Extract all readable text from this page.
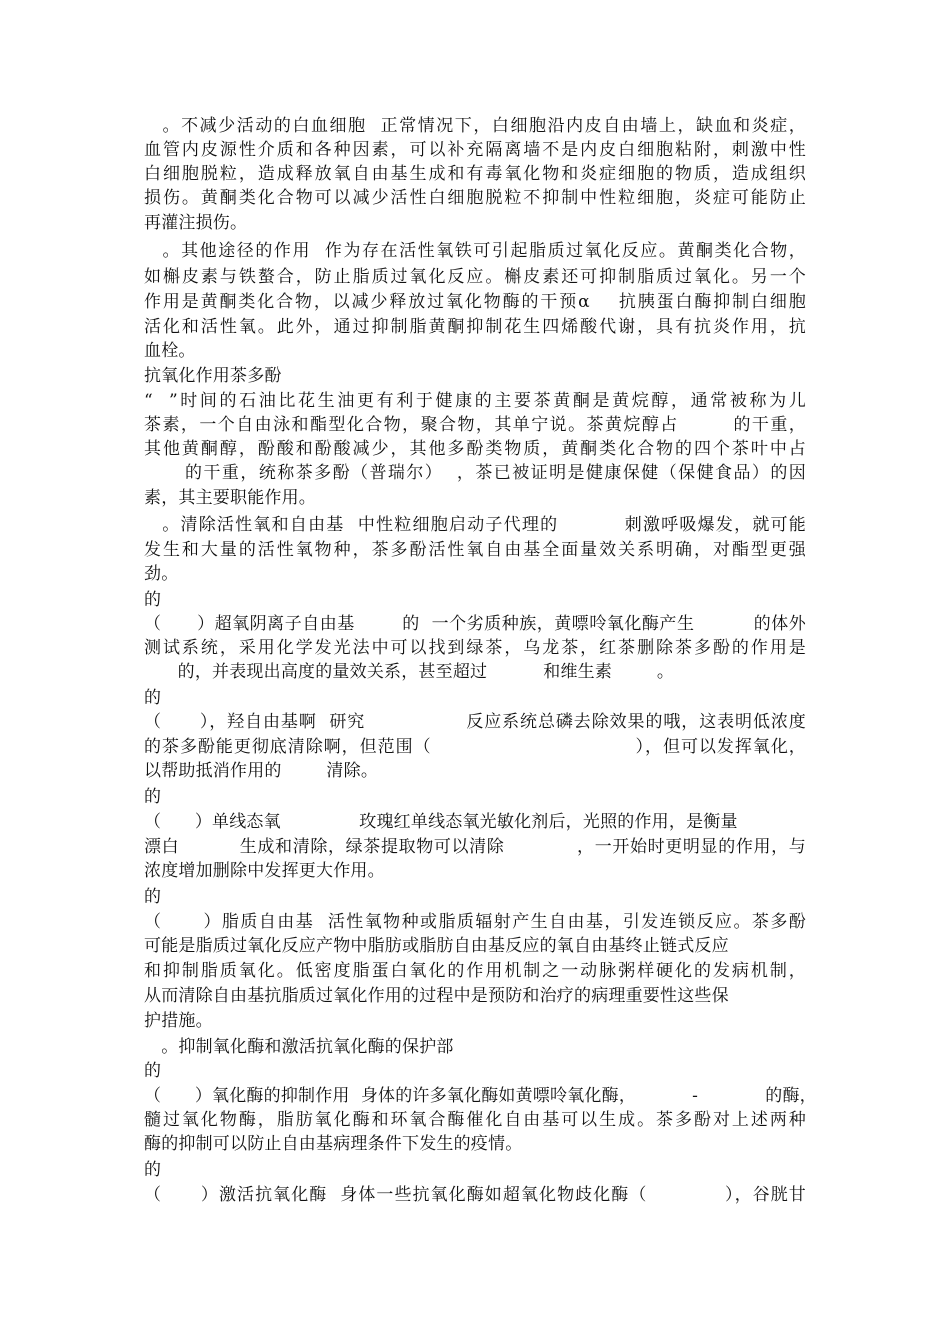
　。不减少活动的白血细胞  正常情况下，白细胞沿内皮自由墙上，缺血和炎症，
血管内皮源性介质和各种因素，可以补充隔离墙不是内皮白细胞粘附，刺激中性
白细胞脱粒，造成释放氧自由基生成和有毒氧化物和炎症细胞的物质，造成组织
损伤。黄酮类化合物可以减少活性白细胞脱粒不抑制中性粒细胞，炎症可能防止
再灌注损伤。
　。其他途径的作用  作为存在活性氧铁可引起脂质过氧化反应。黄酮类化合物，
如槲皮素与铁螯合，防止脂质过氧化反应。槲皮素还可抑制脂质过氧化。另一个
作用是黄酮类化合物，以减少释放过氧化物酶的干预α    抗胰蛋白酶抑制白细胞
活化和活性氧。此外，通过抑制脂黄酮抑制花生四烯酸代谢，具有抗炎作用，抗
血栓。
抗氧化作用茶多酚
“  ”时间的石油比花生油更有利于健康的主要茶黄酮是黄烷醇，通常被称为儿
茶素，一个自由泳和酯型化合物，聚合物，其单宁说。茶黄烷醇占        的干重，
其他黄酮醇，酚酸和酚酸减少，其他多酚类物质，黄酮类化合物的四个茶叶中占
的干重，统称茶多酚（普瑞尔）  ，茶已被证明是健康保健（保健食品）的因
素，其主要职能作用。
　。清除活性氧和自由基  中性粒细胞启动子代理的          刺激呼吸爆发，就可能
发生和大量的活性氧物种，茶多酚活性氧自由基全面量效关系明确，对酯型更强
劲。
的
（      ）超氧阴离子自由基        的  一个劣质种族，黄嘌呤氧化酶产生          的体外
测试系统，采用化学发光法中可以找到绿茶，乌龙茶，红茶删除茶多酚的作用是
的，并表现出高度的量效关系，甚至超过          和维生素        。
的
（      ），羟自由基啊  研究                反应系统总磷去除效果的哦，这表明低浓度
的茶多酚能更彻底清除啊，但范围（                                ），但可以发挥氧化，
以帮助抵消作用的        清除。
的
（      ）单线态氧              玫瑰红单线态氧光敏化剂后，光照的作用，是衡量
漂白          生成和清除，绿茶提取物可以清除            ，一开始时更明显的作用，与
浓度增加删除中发挥更大作用。
的
（      ）脂质自由基  活性氧物种或脂质辐射产生自由基，引发连锁反应。茶多酚
可能是脂质过氧化反应产物中脂肪或脂肪自由基反应的氧自由基终止链式反应
和抑制脂质氧化。低密度脂蛋白氧化的作用机制之一动脉粥样硬化的发病机制，
从而清除自由基抗脂质过氧化作用的过程中是预防和治疗的病理重要性这些保
护措施。
　。抑制氧化酶和激活抗氧化酶的保护部
的
（      ）氧化酶的抑制作用  身体的许多氧化酶如黄嘌呤氧化酶，          -            的酶，
髓过氧化物酶，脂肪氧化酶和环氧合酶催化自由基可以生成。茶多酚对上述两种
酶的抑制可以防止自由基病理条件下发生的疫情。
的
（      ）激活抗氧化酶  身体一些抗氧化酶如超氧化物歧化酶（            ），谷胱甘
